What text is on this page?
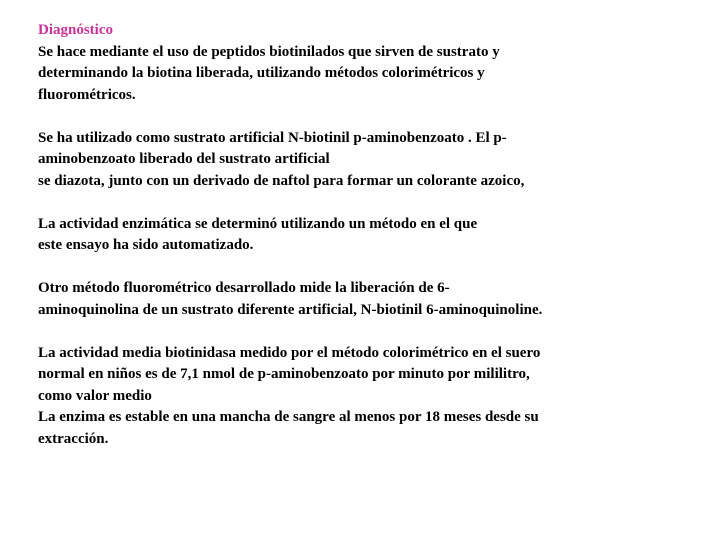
Diagnóstico
Se hace mediante el uso de peptidos biotinilados que sirven de sustrato y
determinando la biotina liberada, utilizando métodos colorimétricos y
fluorométricos.
Se ha utilizado como sustrato artificial N-biotinil p-aminobenzoato . El p-
aminobenzoato liberado del sustrato artificial
se diazota, junto con un derivado de naftol para formar un colorante azoico,
La actividad enzimática se determinó utilizando un método en el que
este ensayo ha sido automatizado.
Otro método fluorométrico desarrollado mide la liberación de 6-
aminoquinolina de un sustrato diferente artificial, N-biotinil 6-aminoquinoline.
La actividad media biotinidasa medido por el método colorimétrico en el suero
normal en niños es de 7,1 nmol de p-aminobenzoato por minuto por mililitro,
como valor medio
La enzima es estable en una mancha de sangre al menos por 18 meses desde su
extracción.
